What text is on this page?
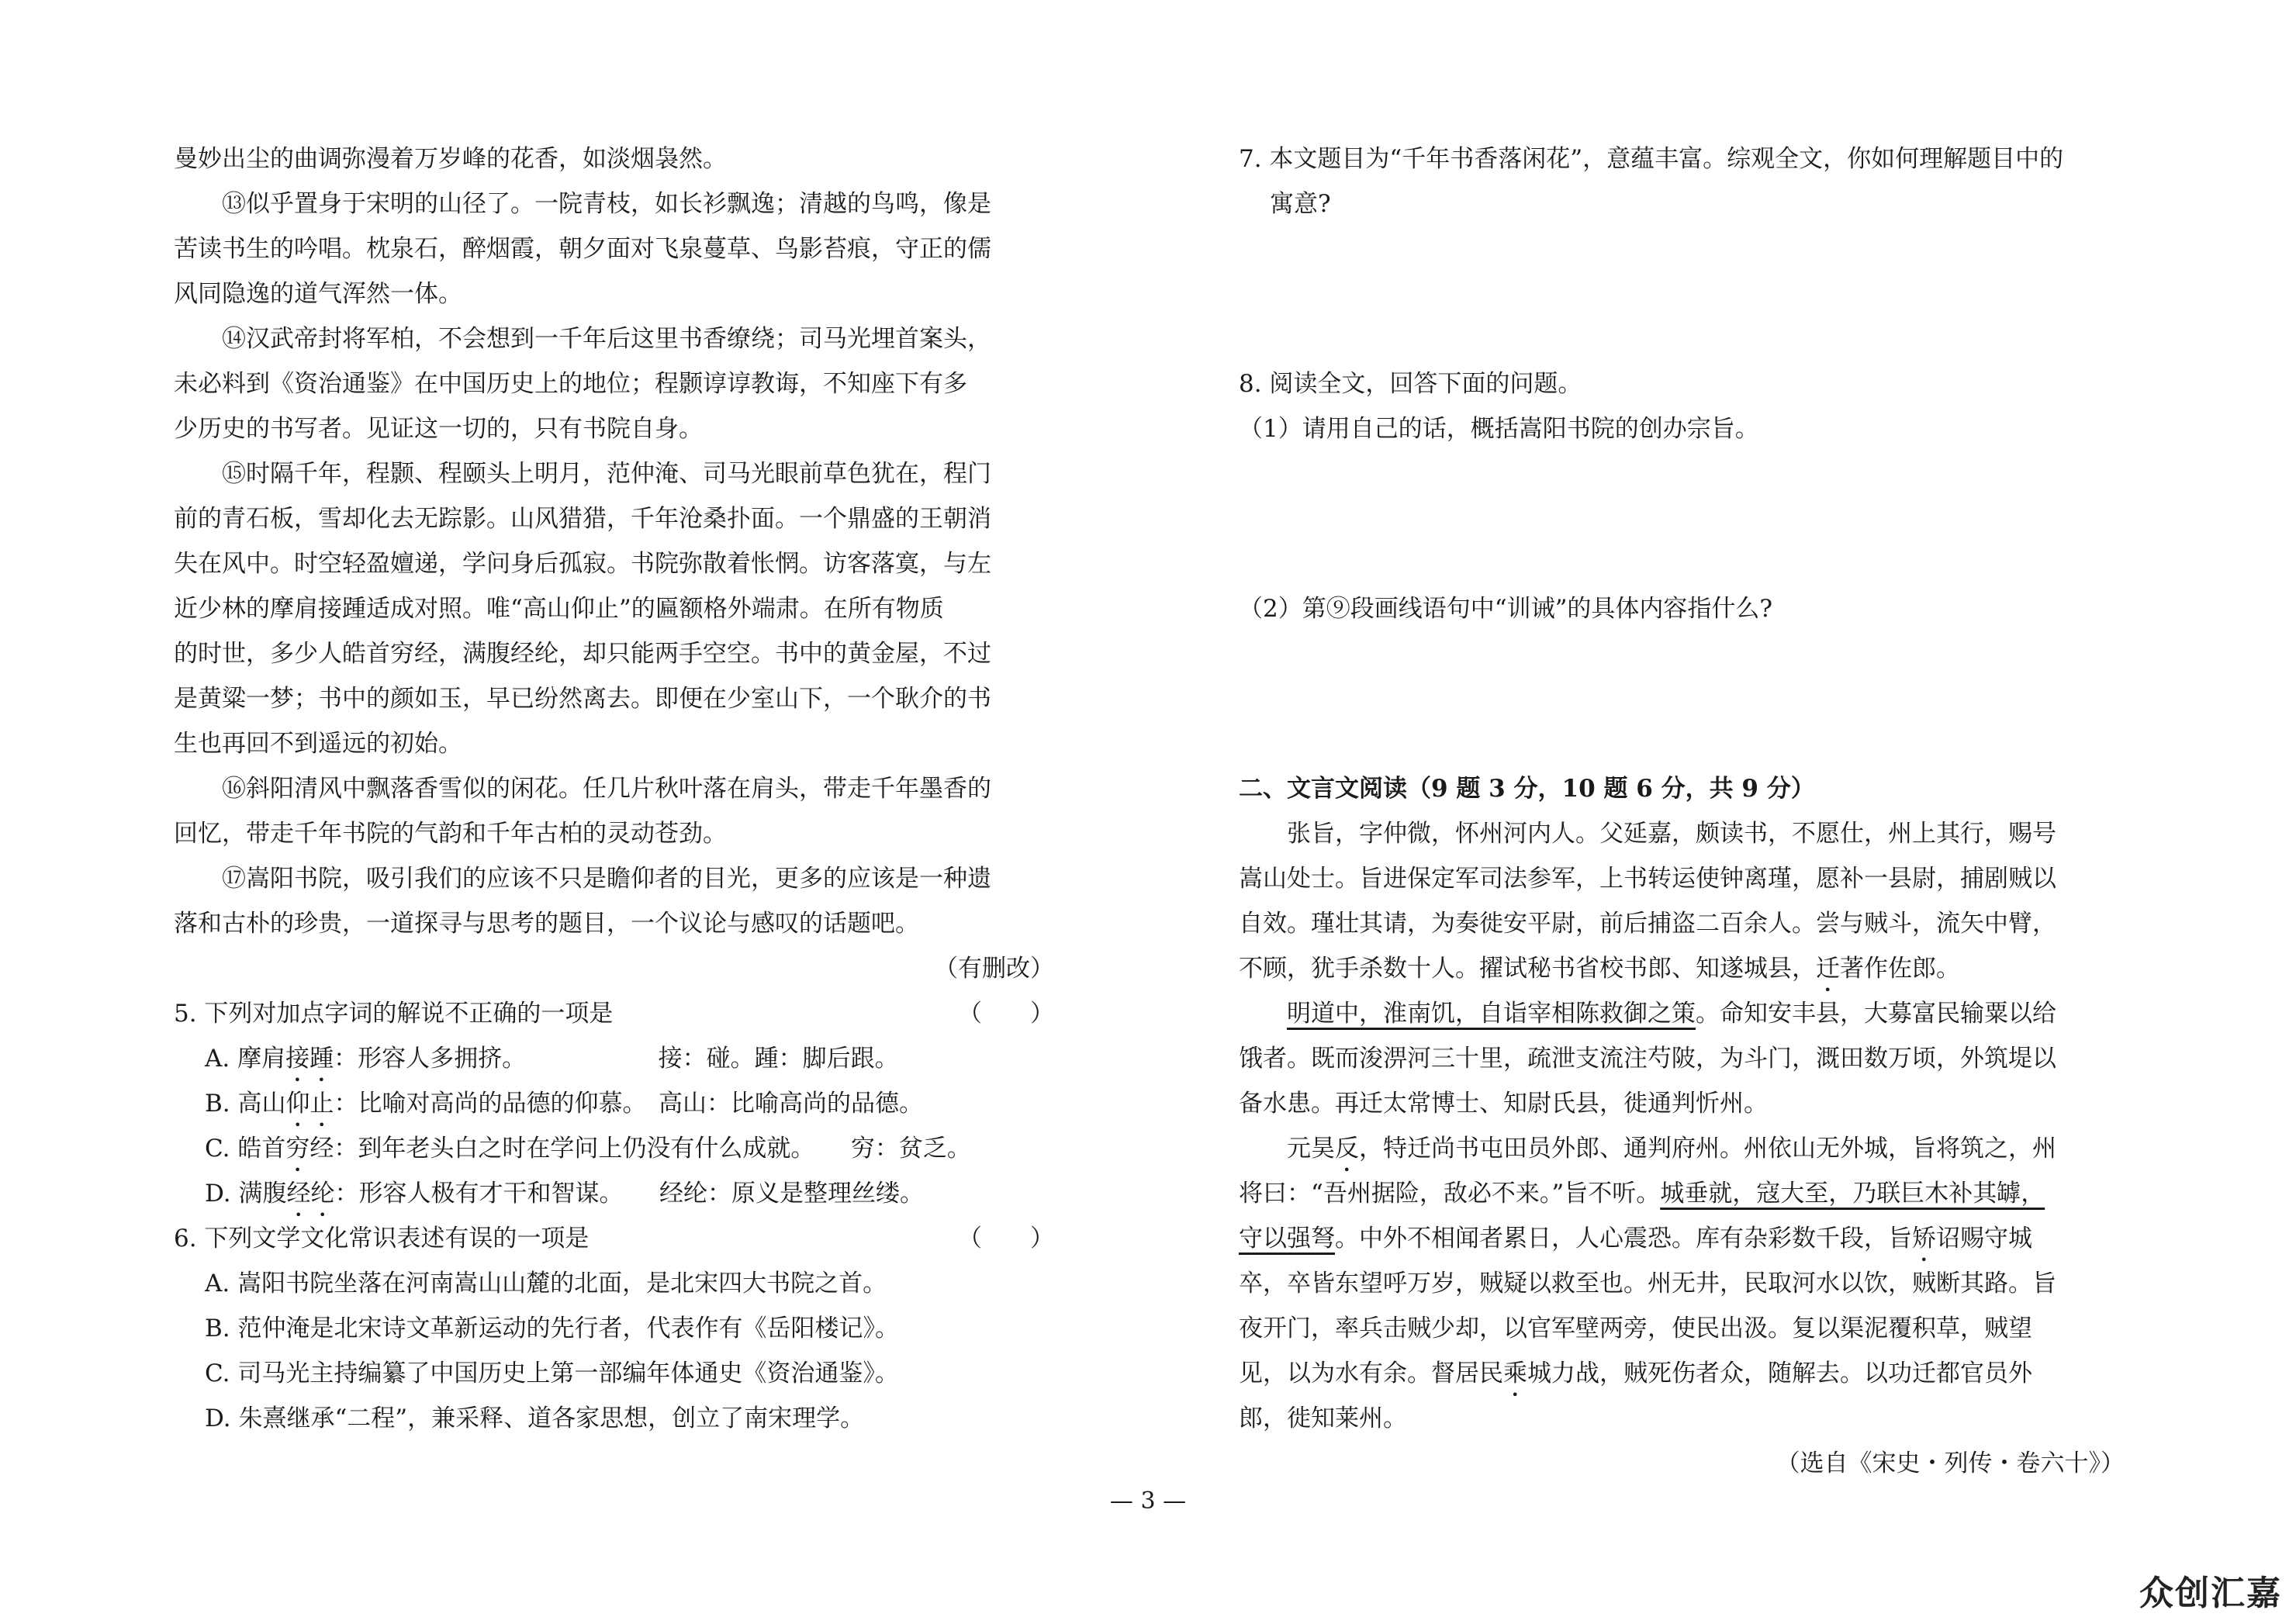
曼妙出尘的曲调弥漫着万岁峰的花香，如淡烟袅然。
⑬似乎置身于宋明的山径了。一院青枝，如长衫飘逸；清越的鸟鸣，像是
苦读书生的吟唱。枕泉石，醉烟霞，朝夕面对飞泉蔓草、鸟影苔痕，守正的儒
风同隐逸的道气浑然一体。
⑭汉武帝封将军柏，不会想到一千年后这里书香缭绕；司马光埋首案头，
未必料到《资治通鉴》在中国历史上的地位；程颢谆谆教诲，不知座下有多
少历史的书写者。见证这一切的，只有书院自身。
⑮时隔千年，程颢、程颐头上明月，范仲淹、司马光眼前草色犹在，程门
前的青石板，雪却化去无踪影。山风猎猎，千年沧桑扑面。一个鼎盛的王朝消
失在风中。时空轻盈嬗递，学问身后孤寂。书院弥散着怅惘。访客落寞，与左
近少林的摩肩接踵适成对照。唯“高山仰止”的匾额格外端肃。在所有物质
的时世，多少人皓首穷经，满腹经纶，却只能两手空空。书中的黄金屋，不过
是黄粱一梦；书中的颜如玉，早已纷然离去。即便在少室山下，一个耿介的书
生也再回不到遥远的初始。
⑯斜阳清风中飘落香雪似的闲花。任几片秋叶落在肩头，带走千年墨香的
回忆，带走千年书院的气韵和千年古柏的灵动苍劲。
⑰嵩阳书院，吸引我们的应该不只是瞻仰者的目光，更多的应该是一种遗
落和古朴的珍贵，一道探寻与思考的题目，一个议论与感叹的话题吧。
（有删改）
5. 下列对加点字词的解说不正确的一项是	（　　）
A. 摩肩接踵：形容人多拥挤。　　　　　　接：碰。踵：脚后跟。
B. 高山仰止：比喻对高尚的品德的仰慕。　高山：比喻高尚的品德。
C. 皓首穷经：到年老头白之时在学问上仍没有什么成就。　　穷：贫乏。
D. 满腹经纶：形容人极有才干和智谋。　　经纶：原义是整理丝缕。
6. 下列文学文化常识表述有误的一项是	（　　）
A. 嵩阳书院坐落在河南嵩山山麓的北面，是北宋四大书院之首。
B. 范仲淹是北宋诗文革新运动的先行者，代表作有《岳阳楼记》。
C. 司马光主持编纂了中国历史上第一部编年体通史《资治通鉴》。
D. 朱熹继承“二程”，兼采释、道各家思想，创立了南宋理学。
7. 本文题目为“千年书香落闲花”，意蕴丰富。综观全文，你如何理解题目中的
寓意?
8. 阅读全文，回答下面的问题。
（1）请用自己的话，概括嵩阳书院的创办宗旨。
（2）第⑨段画线语句中“训诫”的具体内容指什么?
二、文言文阅读（9 题 3 分，10 题 6 分，共 9 分）
张旨，字仲微，怀州河内人。父延嘉，颇读书，不愿仕，州上其行，赐号
嵩山处士。旨进保定军司法参军，上书转运使钟离瑾，愿补一县尉，捕剧贼以
自效。瑾壮其请，为奏徙安平尉，前后捕盗二百余人。尝与贼斗，流矢中臂，
不顾，犹手杀数十人。擢试秘书省校书郎、知遂城县，迁著作佐郎。
明道中，淮南饥，自诣宰相陈救御之策。命知安丰县，大募富民输粟以给
饿者。既而浚淠河三十里，疏泄支流注芍陂，为斗门，溉田数万顷，外筑堤以
备水患。再迁太常博士、知尉氏县，徙通判忻州。
元昊反，特迁尚书屯田员外郎、通判府州。州依山无外城，旨将筑之，州
将曰：“吾州据险，敌必不来。”旨不听。城垂就，寇大至，乃联巨木补其罅，
守以强弩。中外不相闻者累日，人心震恐。库有杂彩数千段，旨矫诏赐守城
卒，卒皆东望呼万岁，贼疑以救至也。州无井，民取河水以饮，贼断其路。旨
夜开门，率兵击贼少却，以官军壁两旁，使民出汲。复以渠泥覆积草，贼望
见，以为水有余。督居民乘城力战，贼死伤者众，随解去。以功迁都官员外
郎，徙知莱州。
（选自《宋史・列传・卷六十》）
— 3 —
众创汇嘉
